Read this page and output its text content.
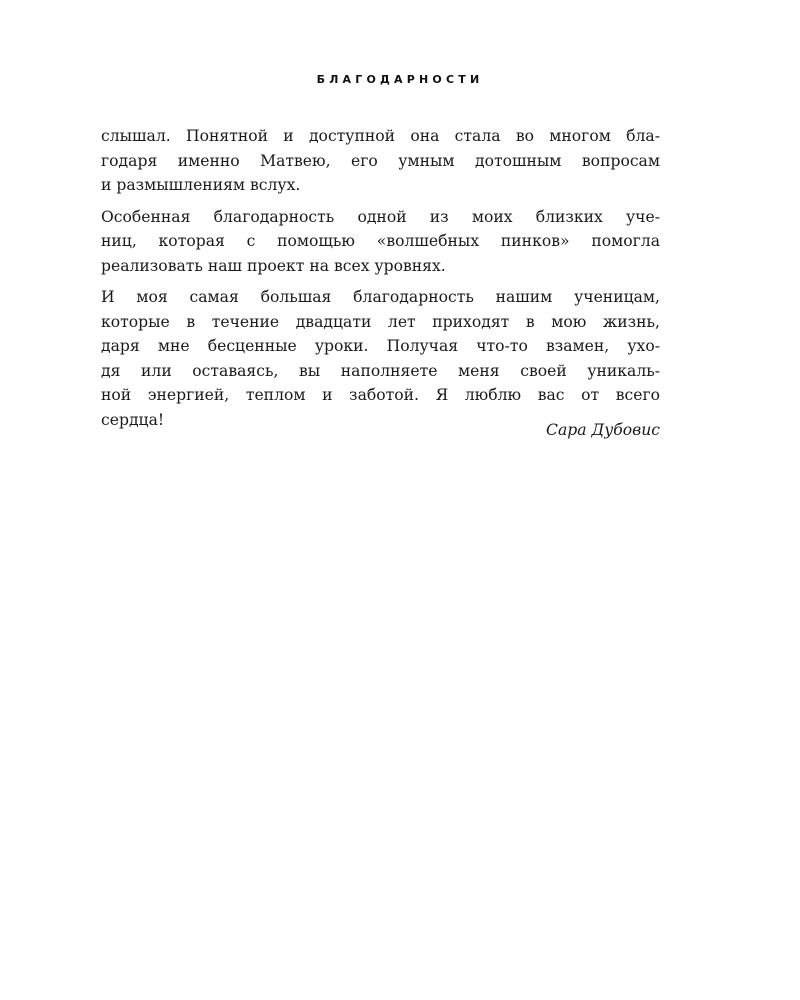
БЛАГОДАРНОСТИ

слышал. Понятной и доступной она стала во многом бла-
годаря именно Матвею, его умным дотошным вопросам
и размышлениям вслух.

Особенная благодарность одной из моих близких уче-
ниц, которая с помощью «волшебных пинков» помогла
реализовать наш проект на всех уровнях.

И моя самая большая благодарность нашим ученицам,
которые в течение двадцати лет приходят в мою жизнь,
даря мне бесценные уроки. Получая что-то взамен, ухо-
дя или оставаясь, вы наполняете меня своей уникаль-
ной энергией, теплом и заботой. Я люблю вас от всего
сердца!

Сара Дубовис
